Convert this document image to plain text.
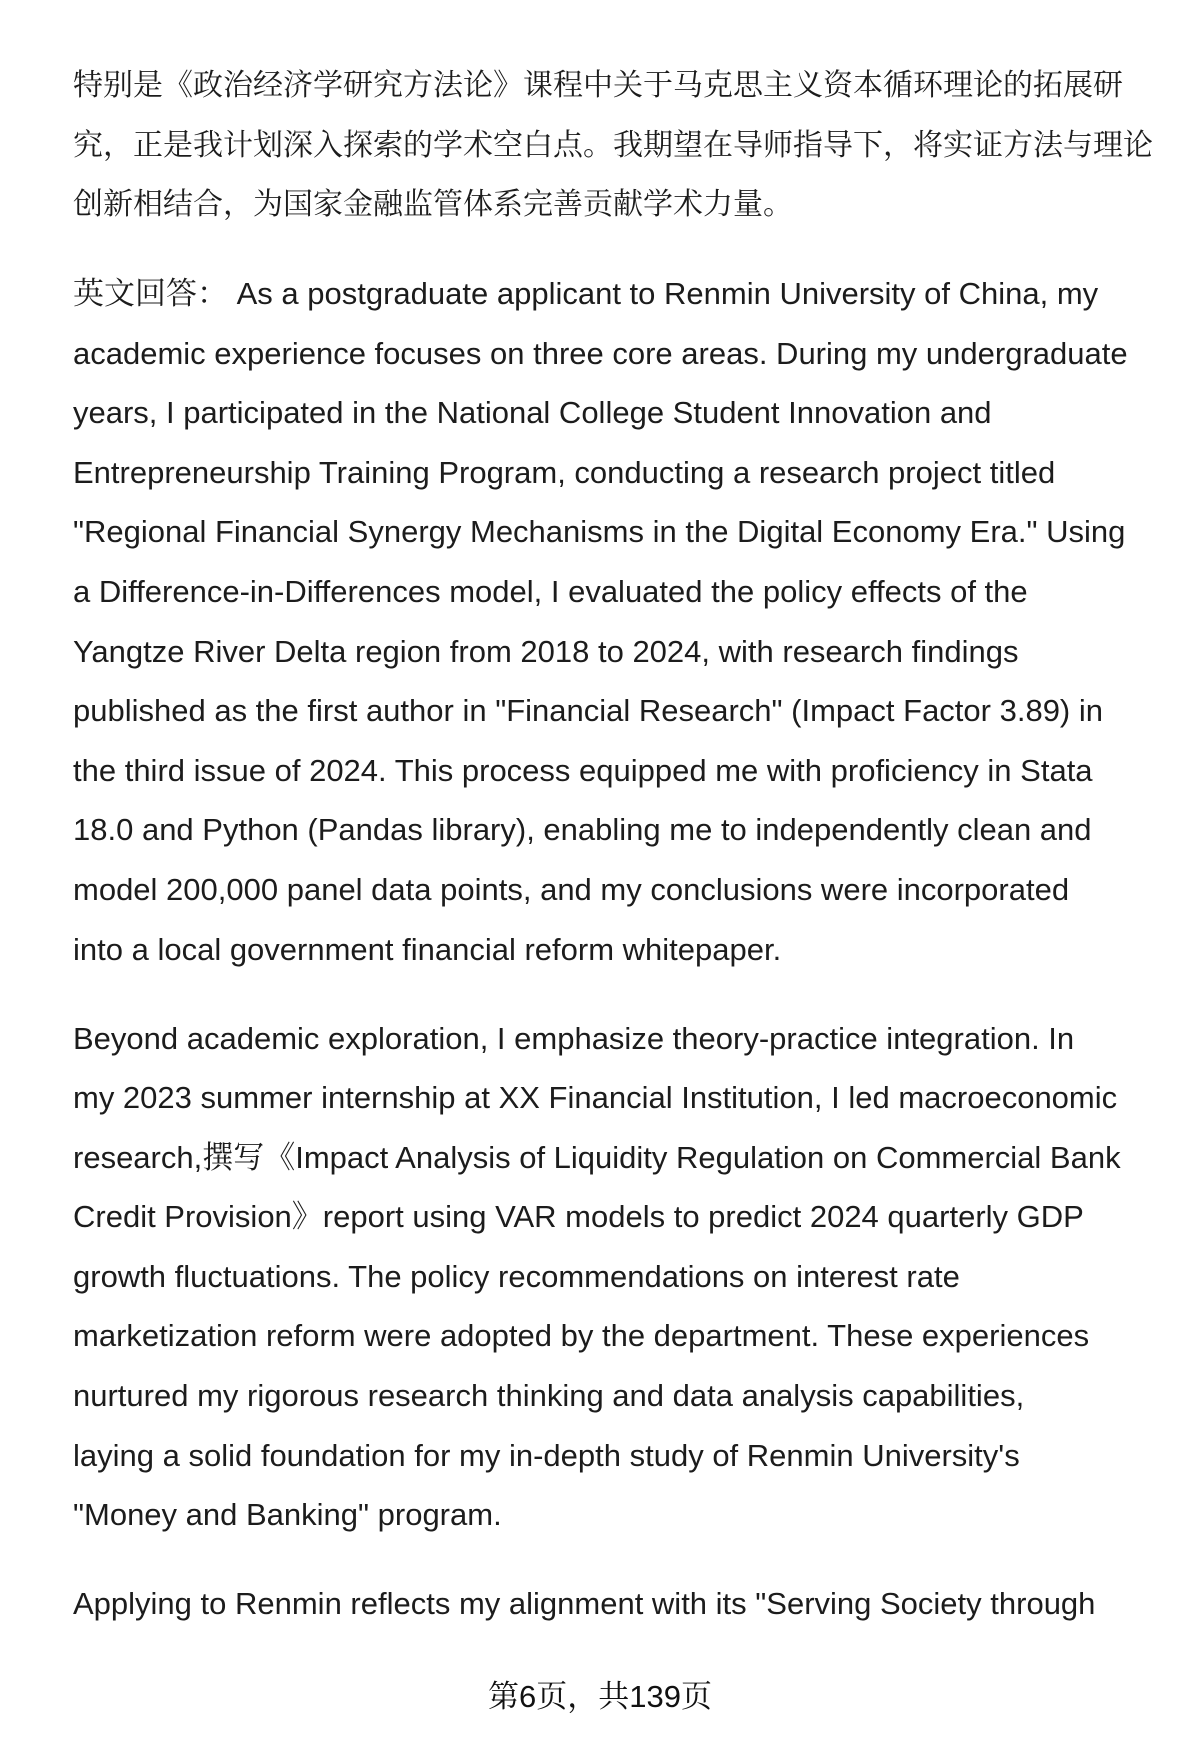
特别是《政治经济学研究方法论》课程中关于马克思主义资本循环理论的拓展研
究，正是我计划深入探索的学术空白点。我期望在导师指导下，将实证方法与理论
创新相结合，为国家金融监管体系完善贡献学术力量。
英文回答： As a postgraduate applicant to Renmin University of China, my
academic experience focuses on three core areas. During my undergraduate
years, I participated in the National College Student Innovation and
Entrepreneurship Training Program, conducting a research project titled
"Regional Financial Synergy Mechanisms in the Digital Economy Era." Using
a Difference-in-Differences model, I evaluated the policy effects of the
Yangtze River Delta region from 2018 to 2024, with research findings
published as the first author in "Financial Research" (Impact Factor 3.89) in
the third issue of 2024. This process equipped me with proficiency in Stata
18.0 and Python (Pandas library), enabling me to independently clean and
model 200,000 panel data points, and my conclusions were incorporated
into a local government financial reform whitepaper.
Beyond academic exploration, I emphasize theory-practice integration. In
my 2023 summer internship at XX Financial Institution, I led macroeconomic
research,撰写《Impact Analysis of Liquidity Regulation on Commercial Bank
Credit Provision》report using VAR models to predict 2024 quarterly GDP
growth fluctuations. The policy recommendations on interest rate
marketization reform were adopted by the department. These experiences
nurtured my rigorous research thinking and data analysis capabilities,
laying a solid foundation for my in-depth study of Renmin University's
"Money and Banking" program.
Applying to Renmin reflects my alignment with its "Serving Society through
第6页，共139页
